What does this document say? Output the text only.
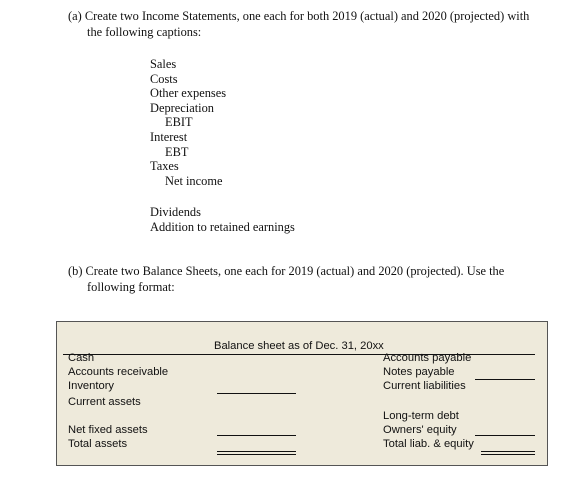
(a) Create two Income Statements, one each for both 2019 (actual) and 2020 (projected) with
the following captions:
Sales
Costs
Other expenses
Depreciation
EBIT
Interest
EBT
Taxes
Net income
Dividends
Addition to retained earnings
(b) Create two Balance Sheets, one each for 2019 (actual) and 2020 (projected). Use the
following format:
Balance sheet as of Dec. 31, 20xx
Cash
Accounts receivable
Inventory
Current assets
Net fixed assets
Total assets
Accounts payable
Notes payable
Current liabilities
Long-term debt
Owners' equity
Total liab. & equity
